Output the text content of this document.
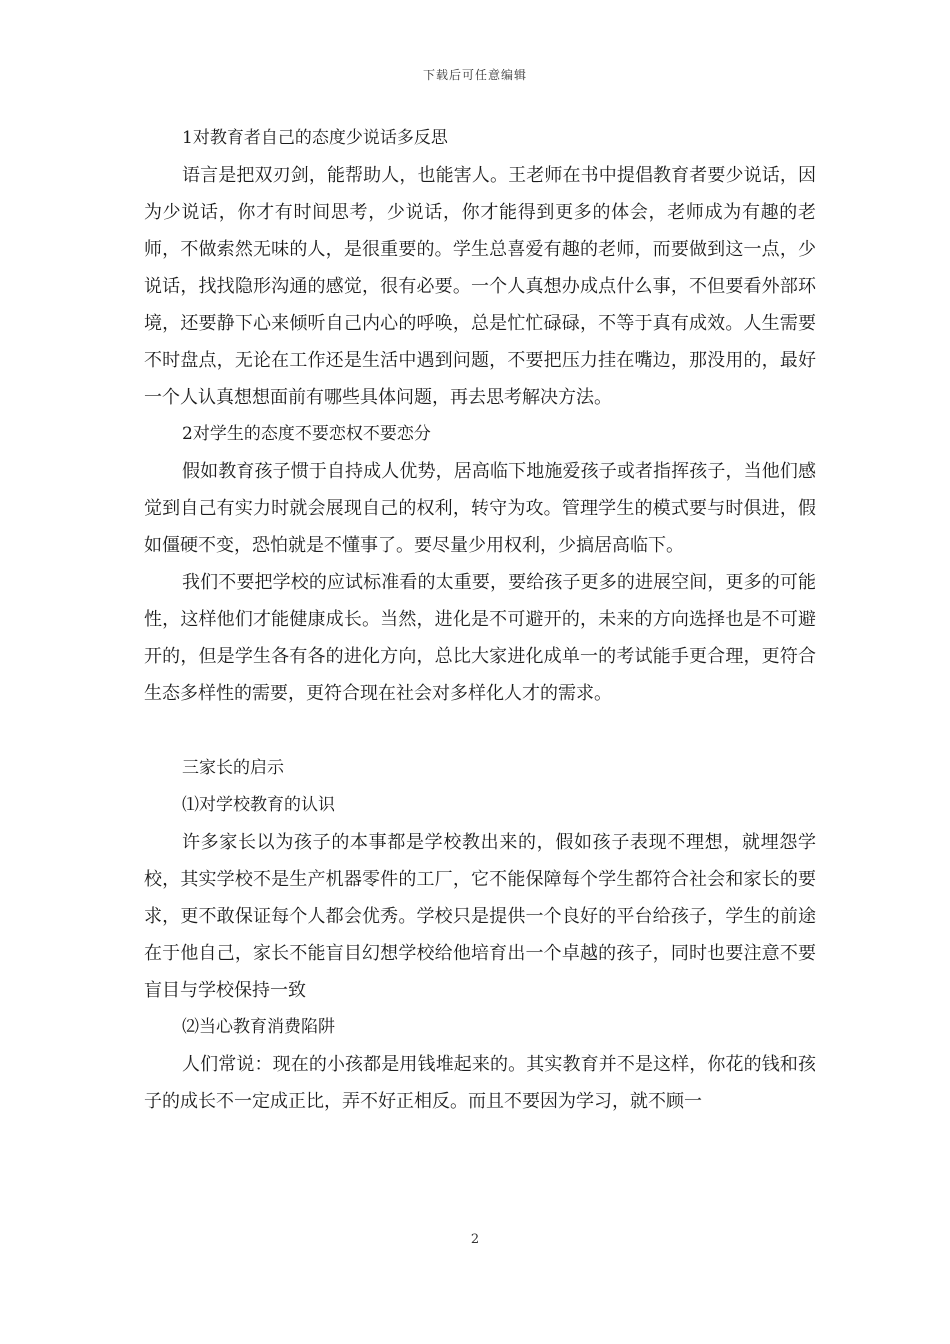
下载后可任意编辑
1对教育者自己的态度少说话多反思

语言是把双刃剑，能帮助人，也能害人。王老师在书中提倡教育者要少说话，因为少说话，你才有时间思考，少说话，你才能得到更多的体会，老师成为有趣的老师，不做索然无味的人，是很重要的。学生总喜爱有趣的老师，而要做到这一点，少说话，找找隐形沟通的感觉，很有必要。一个人真想办成点什么事，不但要看外部环境，还要静下心来倾听自己内心的呼唤，总是忙忙碌碌，不等于真有成效。人生需要不时盘点，无论在工作还是生活中遇到问题，不要把压力挂在嘴边，那没用的，最好一个人认真想想面前有哪些具体问题，再去思考解决方法。

2对学生的态度不要恋权不要恋分

假如教育孩子惯于自持成人优势，居高临下地施爱孩子或者指挥孩子，当他们感觉到自己有实力时就会展现自己的权利，转守为攻。管理学生的模式要与时俱进，假如僵硬不变，恐怕就是不懂事了。要尽量少用权利，少搞居高临下。

我们不要把学校的应试标准看的太重要，要给孩子更多的进展空间，更多的可能性，这样他们才能健康成长。当然，进化是不可避开的，未来的方向选择也是不可避开的，但是学生各有各的进化方向，总比大家进化成单一的考试能手更合理，更符合生态多样性的需要，更符合现在社会对多样化人才的需求。

三家长的启示
⑴对学校教育的认识

许多家长以为孩子的本事都是学校教出来的，假如孩子表现不理想，就埋怨学校，其实学校不是生产机器零件的工厂，它不能保障每个学生都符合社会和家长的要求，更不敢保证每个人都会优秀。学校只是提供一个良好的平台给孩子，学生的前途在于他自己，家长不能盲目幻想学校给他培育出一个卓越的孩子，同时也要注意不要盲目与学校保持一致

⑵当心教育消费陷阱

人们常说：现在的小孩都是用钱堆起来的。其实教育并不是这样，你花的钱和孩子的成长不一定成正比，弄不好正相反。而且不要因为学习，就不顾一

2
